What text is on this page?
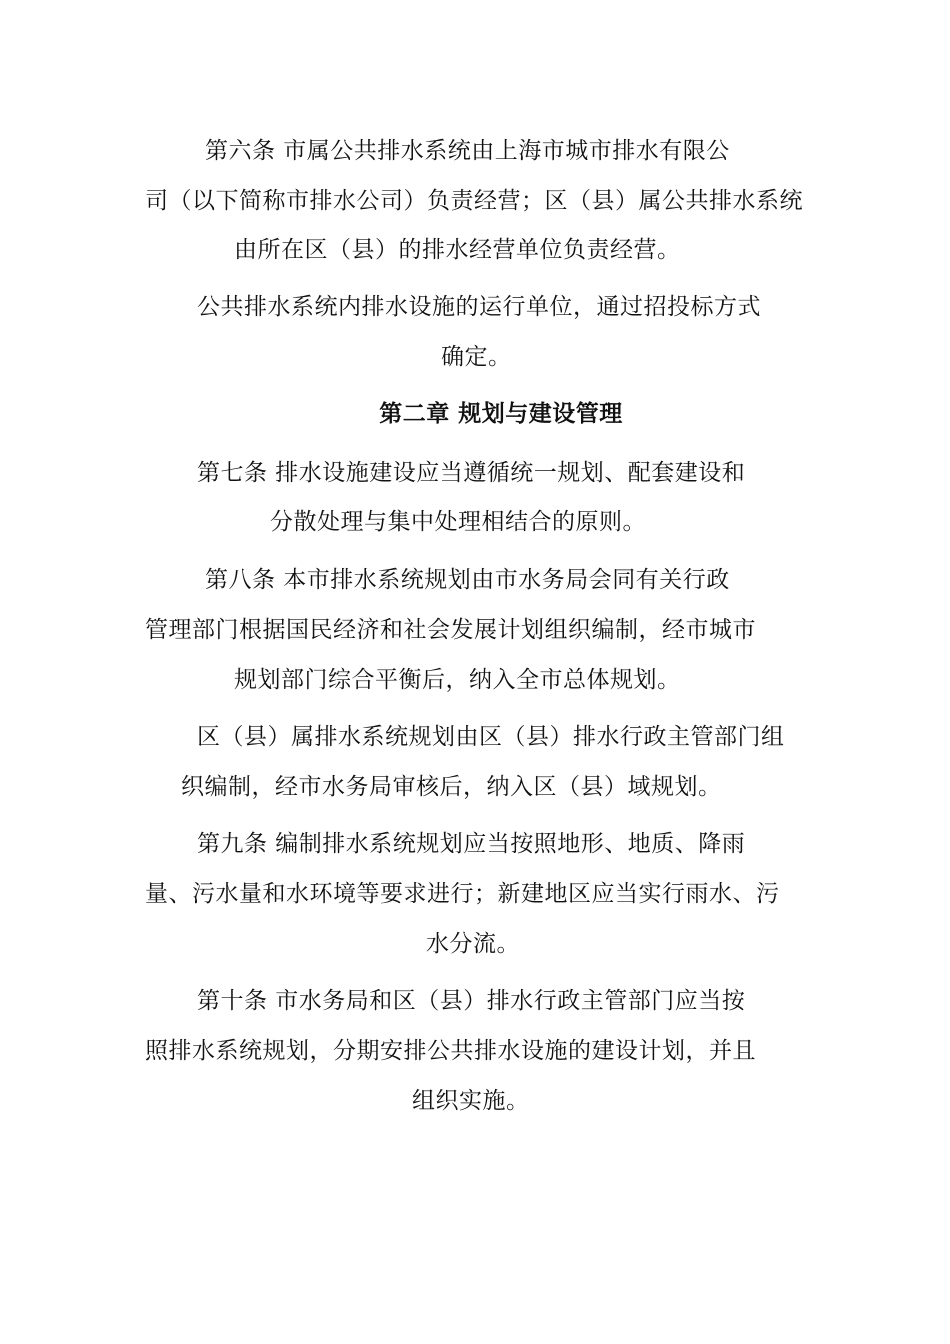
第六条 市属公共排水系统由上海市城市排水有限公
司（以下简称市排水公司）负责经营；区（县）属公共排水系统
由所在区（县）的排水经营单位负责经营。
公共排水系统内排水设施的运行单位，通过招投标方式
确定。
第二章 规划与建设管理
第七条 排水设施建设应当遵循统一规划、配套建设和
分散处理与集中处理相结合的原则。
第八条 本市排水系统规划由市水务局会同有关行政
管理部门根据国民经济和社会发展计划组织编制，经市城市
规划部门综合平衡后，纳入全市总体规划。
区（县）属排水系统规划由区（县）排水行政主管部门组
织编制，经市水务局审核后，纳入区（县）域规划。
第九条 编制排水系统规划应当按照地形、地质、降雨
量、污水量和水环境等要求进行；新建地区应当实行雨水、污
水分流。
第十条 市水务局和区（县）排水行政主管部门应当按
照排水系统规划，分期安排公共排水设施的建设计划，并且
组织实施。
